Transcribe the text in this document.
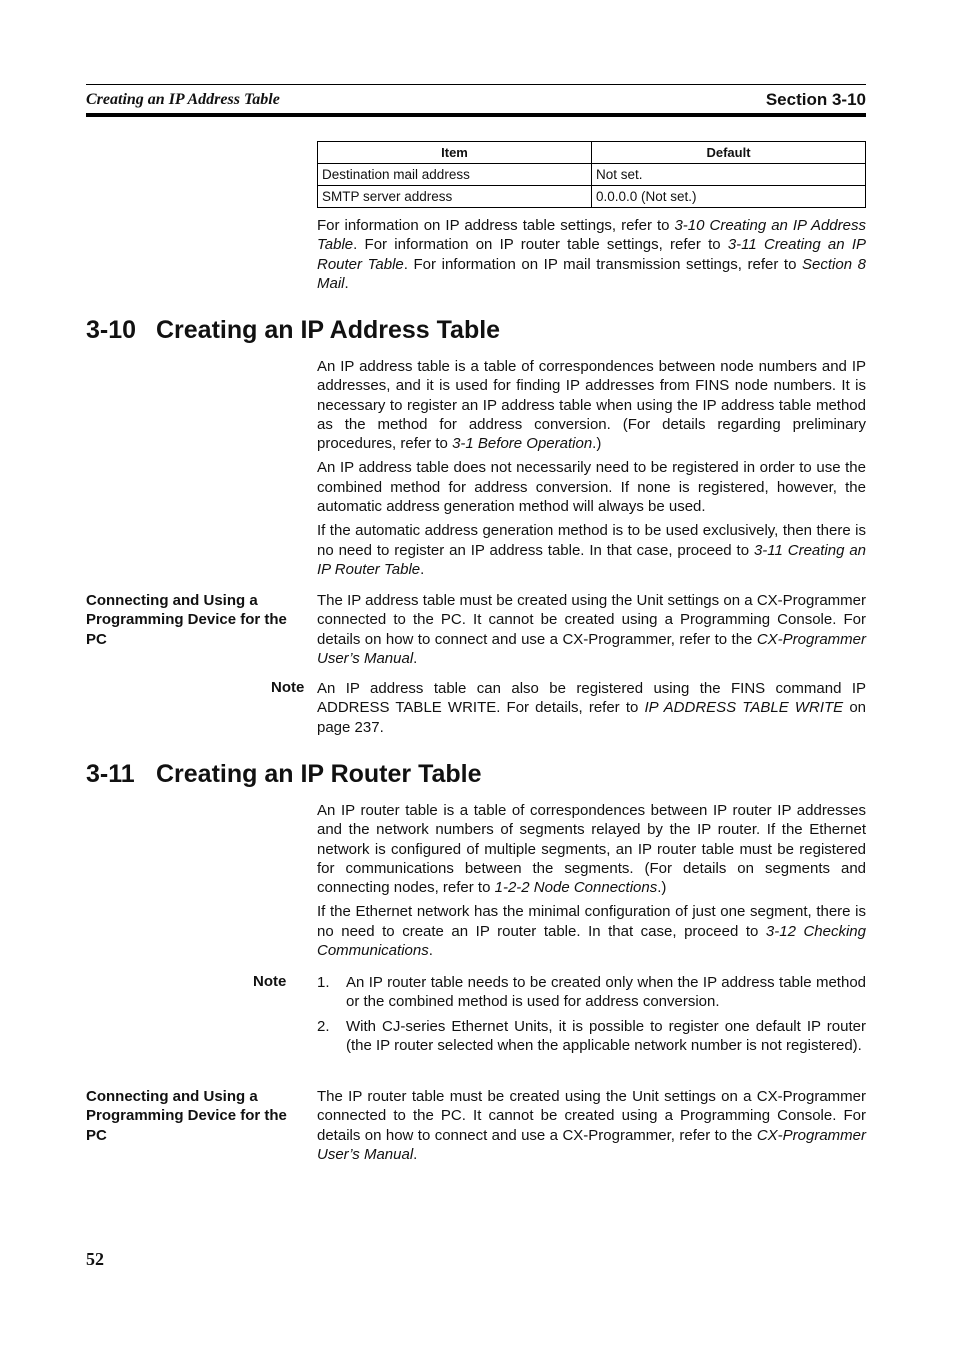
Creating an IP Address Table	Section 3-10
Item	Default
Destination mail address	Not set.
SMTP server address	0.0.0.0 (Not set.)

For information on IP address table settings, refer to 3-10 Creating an IP Address Table. For information on IP router table settings, refer to 3-11 Creating an IP Router Table. For information on IP mail transmission settings, refer to Section 8 Mail.

3-10 Creating an IP Address Table

An IP address table is a table of correspondences between node numbers and IP addresses, and it is used for finding IP addresses from FINS node numbers. It is necessary to register an IP address table when using the IP address table method as the method for address conversion. (For details regarding preliminary procedures, refer to 3-1 Before Operation.)

An IP address table does not necessarily need to be registered in order to use the combined method for address conversion. If none is registered, however, the automatic address generation method will always be used.

If the automatic address generation method is to be used exclusively, then there is no need to register an IP address table. In that case, proceed to 3-11 Creating an IP Router Table.

Connecting and Using a Programming Device for the PC

The IP address table must be created using the Unit settings on a CX-Programmer connected to the PC. It cannot be created using a Programming Console. For details on how to connect and use a CX-Programmer, refer to the CX-Programmer User’s Manual.

Note An IP address table can also be registered using the FINS command IP ADDRESS TABLE WRITE. For details, refer to IP ADDRESS TABLE WRITE on page 237.

3-11 Creating an IP Router Table

An IP router table is a table of correspondences between IP router IP addresses and the network numbers of segments relayed by the IP router. If the Ethernet network is configured of multiple segments, an IP router table must be registered for communications between the segments. (For details on segments and connecting nodes, refer to 1-2-2 Node Connections.)

If the Ethernet network has the minimal configuration of just one segment, there is no need to create an IP router table. In that case, proceed to 3-12 Checking Communications.

Note 1. An IP router table needs to be created only when the IP address table method or the combined method is used for address conversion.
2. With CJ-series Ethernet Units, it is possible to register one default IP router (the IP router selected when the applicable network number is not registered).
Connecting and Using a Programming Device for the PC

The IP router table must be created using the Unit settings on a CX-Programmer connected to the PC. It cannot be created using a Programming Console. For details on how to connect and use a CX-Programmer, refer to the CX-Programmer User’s Manual.

52
